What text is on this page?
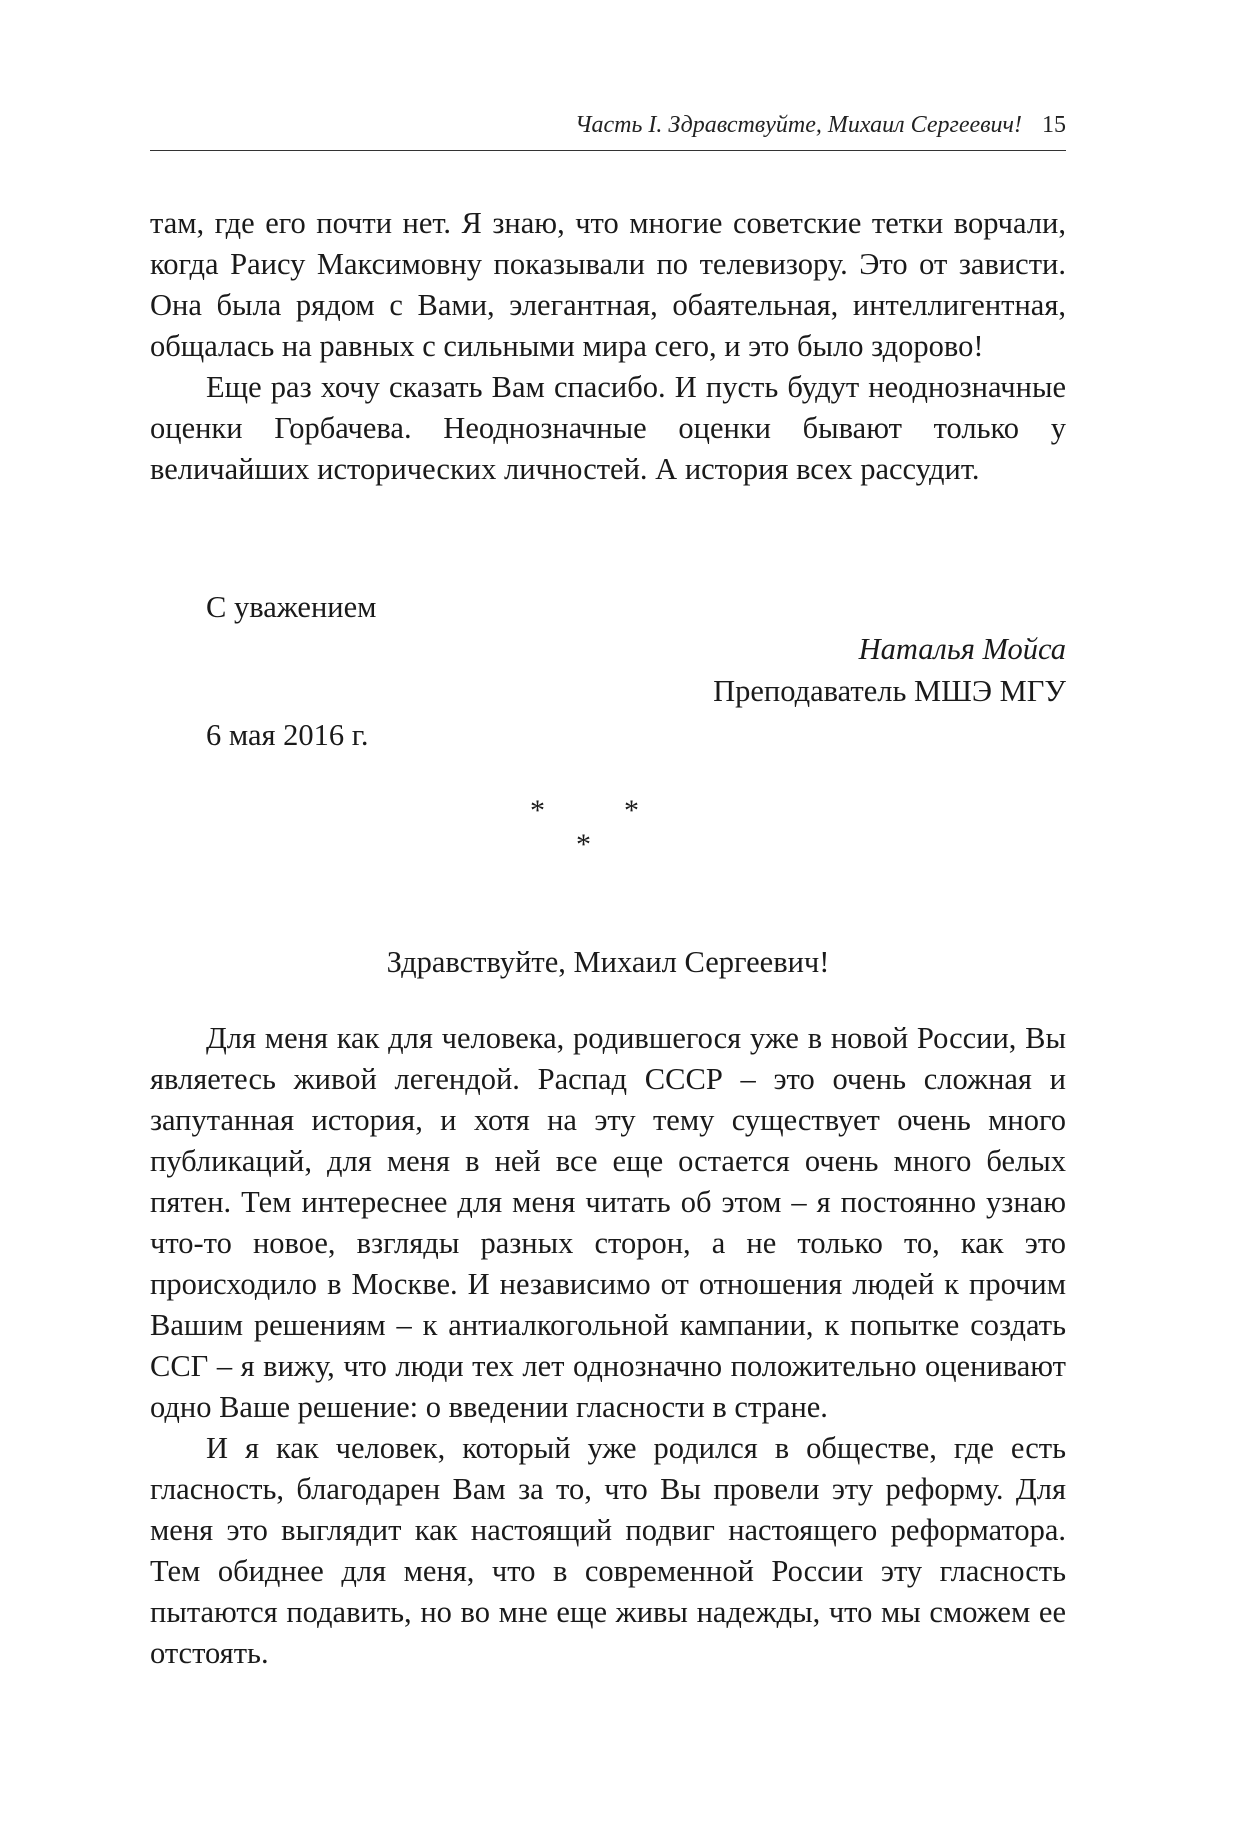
Часть I. Здравствуйте, Михаил Сергеевич! 15

там, где его почти нет. Я знаю, что многие советские тетки ворчали, когда Раису Максимовну показывали по телевизору. Это от зависти. Она была рядом с Вами, элегантная, обаятельная, интеллигентная, общалась на равных с сильными мира сего, и это было здорово!

Еще раз хочу сказать Вам спасибо. И пусть будут неоднозначные оценки Горбачева. Неоднозначные оценки бывают только у величайших исторических личностей. А история всех рассудит.

С уважением
Наталья Мойса
Преподаватель МШЭ МГУ
6 мая 2016 г.
*	*
*
Здравствуйте, Михаил Сергеевич!

Для меня как для человека, родившегося уже в новой России, Вы являетесь живой легендой. Распад СССР – это очень сложная и запутанная история, и хотя на эту тему существует очень много публикаций, для меня в ней все еще остается очень много белых пятен. Тем интереснее для меня читать об этом – я постоянно узнаю что-то новое, взгляды разных сторон, а не только то, как это происходило в Москве. И независимо от отношения людей к прочим Вашим решениям – к антиалкогольной кампании, к попытке создать ССГ – я вижу, что люди тех лет однозначно положительно оценивают одно Ваше решение: о введении гласности в стране.

И я как человек, который уже родился в обществе, где есть гласность, благодарен Вам за то, что Вы провели эту реформу. Для меня это выглядит как настоящий подвиг настоящего реформатора. Тем обиднее для меня, что в современной России эту гласность пытаются подавить, но во мне еще живы надежды, что мы сможем ее отстоять.
